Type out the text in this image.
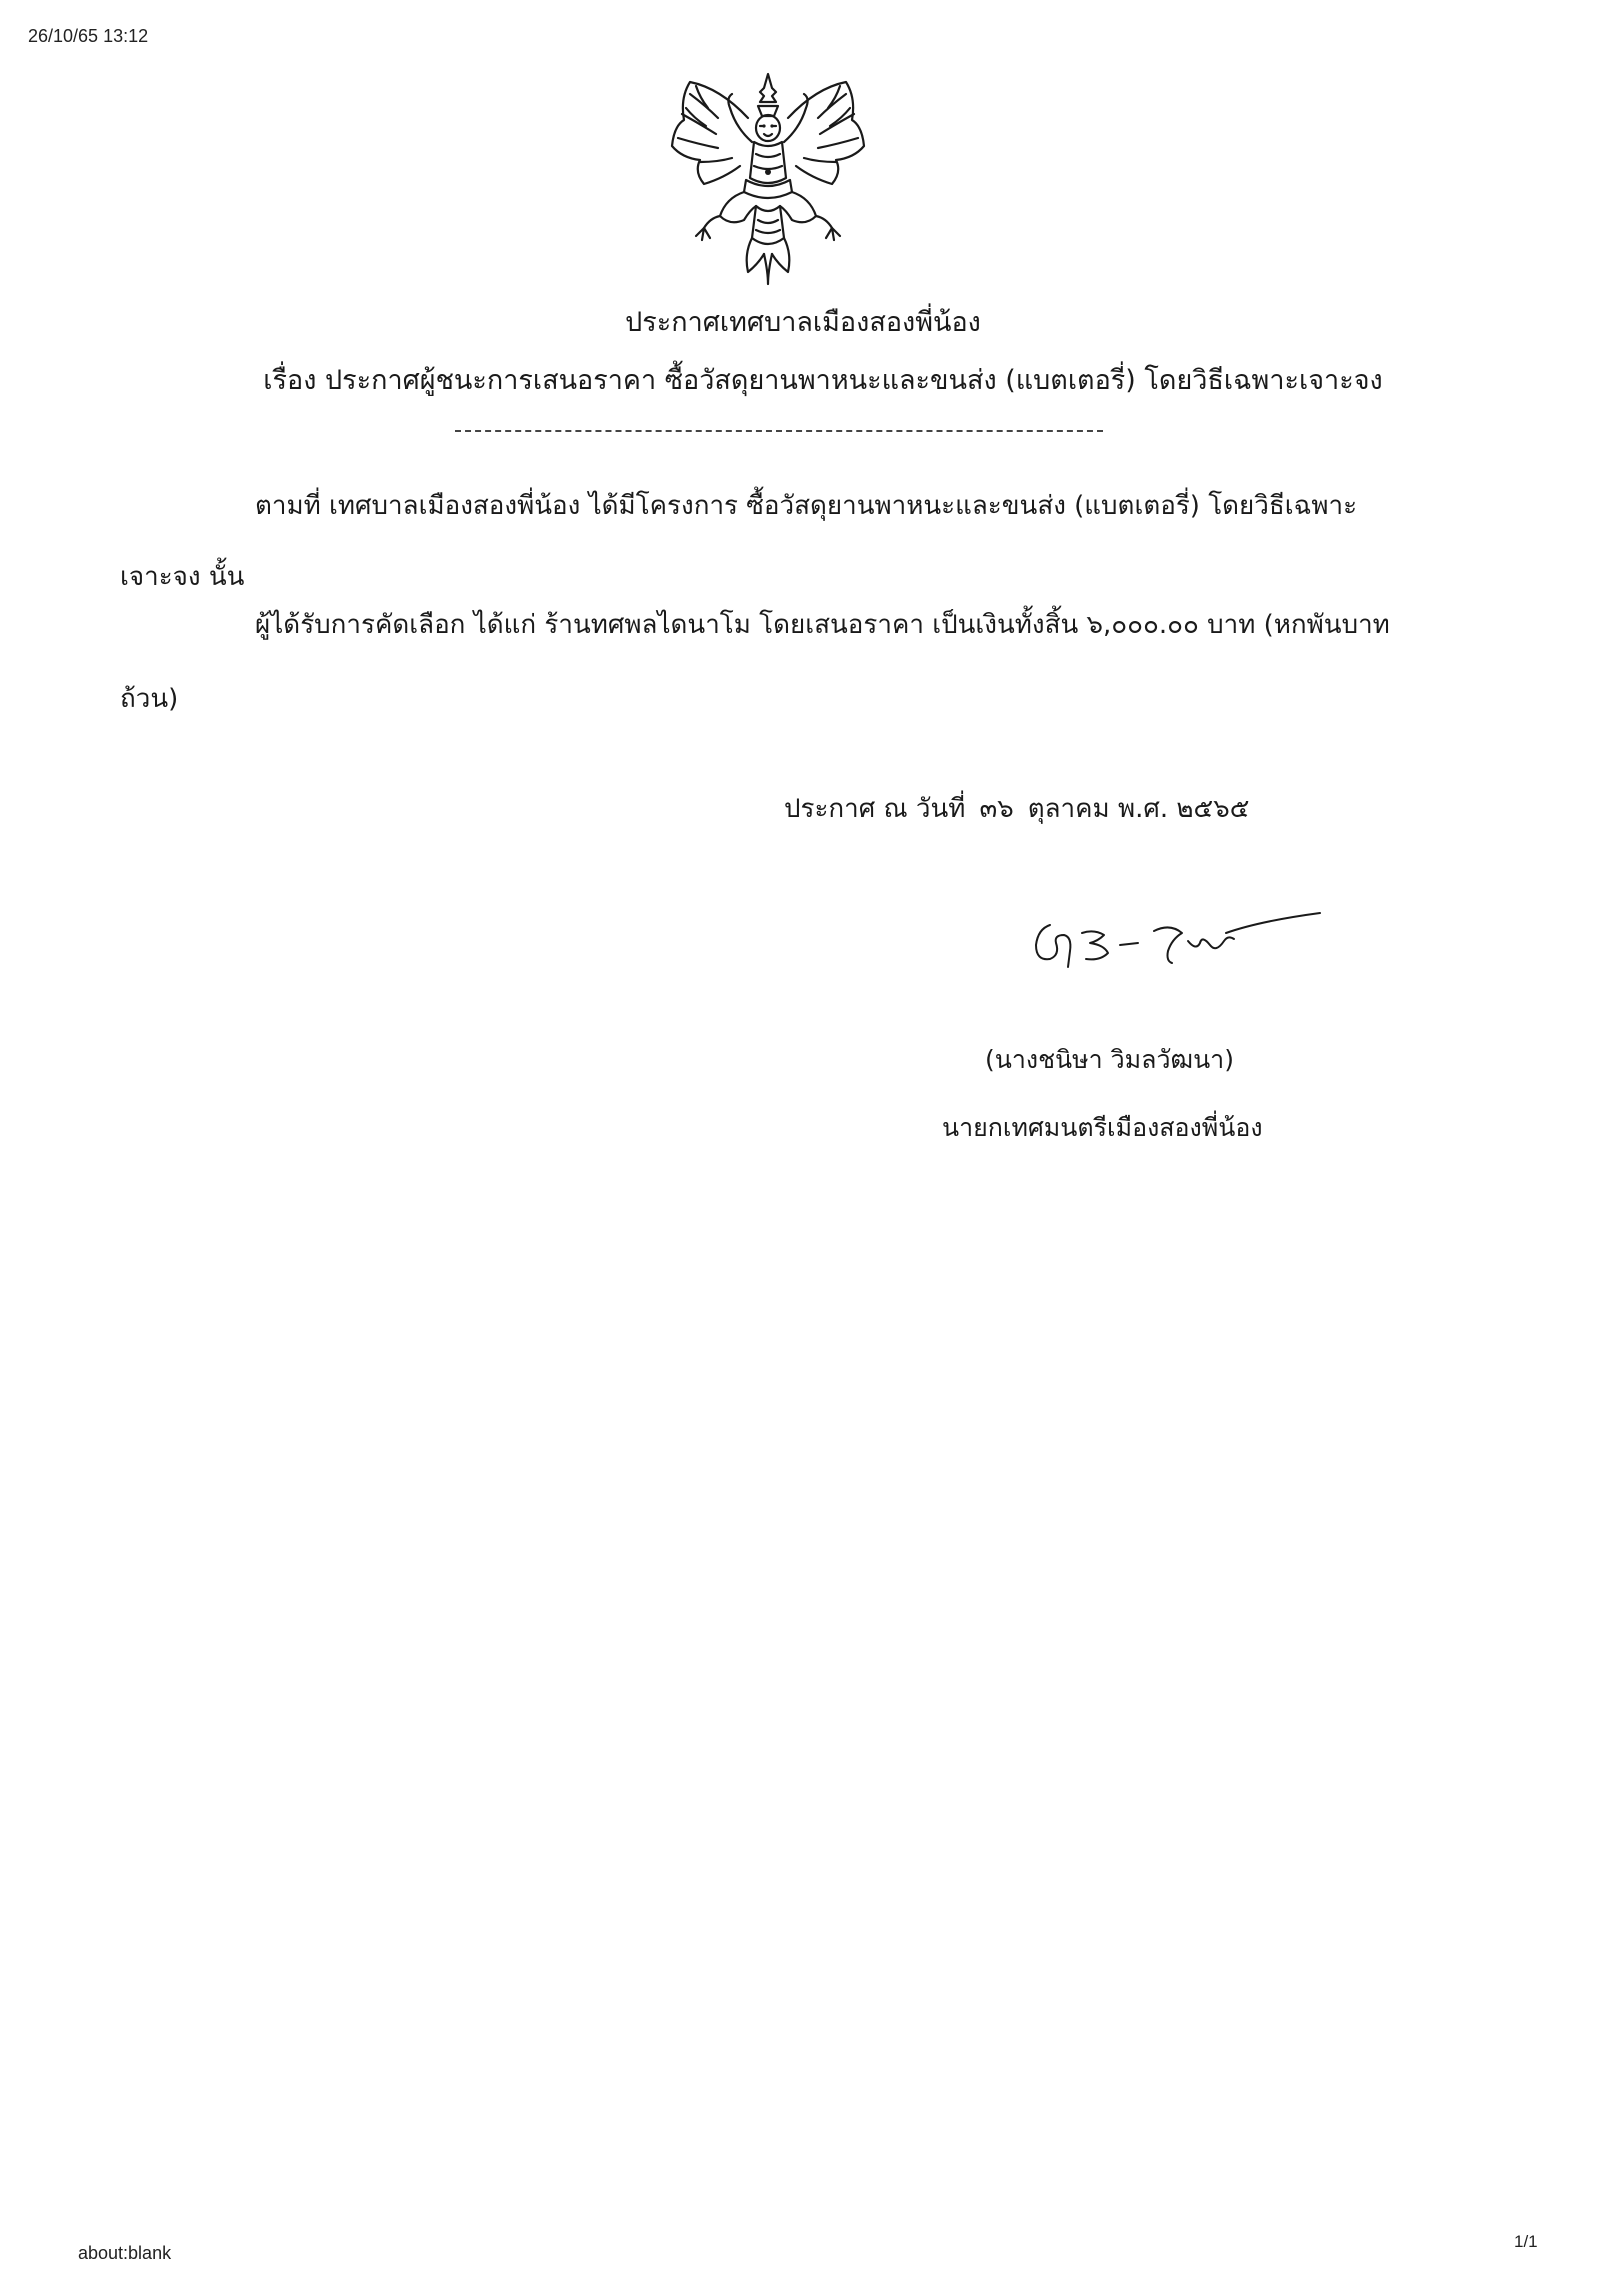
26/10/65 13:12
ประกาศเทศบาลเมืองสองพี่น้อง
เรื่อง ประกาศผู้ชนะการเสนอราคา ซื้อวัสดุยานพาหนะและขนส่ง (แบตเตอรี่) โดยวิธีเฉพาะเจาะจง
ตามที่ เทศบาลเมืองสองพี่น้อง ได้มีโครงการ ซื้อวัสดุยานพาหนะและขนส่ง (แบตเตอรี่) โดยวิธีเฉพาะ
เจาะจง นั้น
ผู้ได้รับการคัดเลือก ได้แก่ ร้านทศพลไดนาโม โดยเสนอราคา เป็นเงินทั้งสิ้น ๖,๐๐๐.๐๐ บาท (หกพันบาท
ถ้วน)
ประกาศ ณ วันที่ ๓๖ ตุลาคม พ.ศ. ๒๕๖๕
(นางชนิษา วิมลวัฒนา)
นายกเทศมนตรีเมืองสองพี่น้อง
about:blank
1/1
